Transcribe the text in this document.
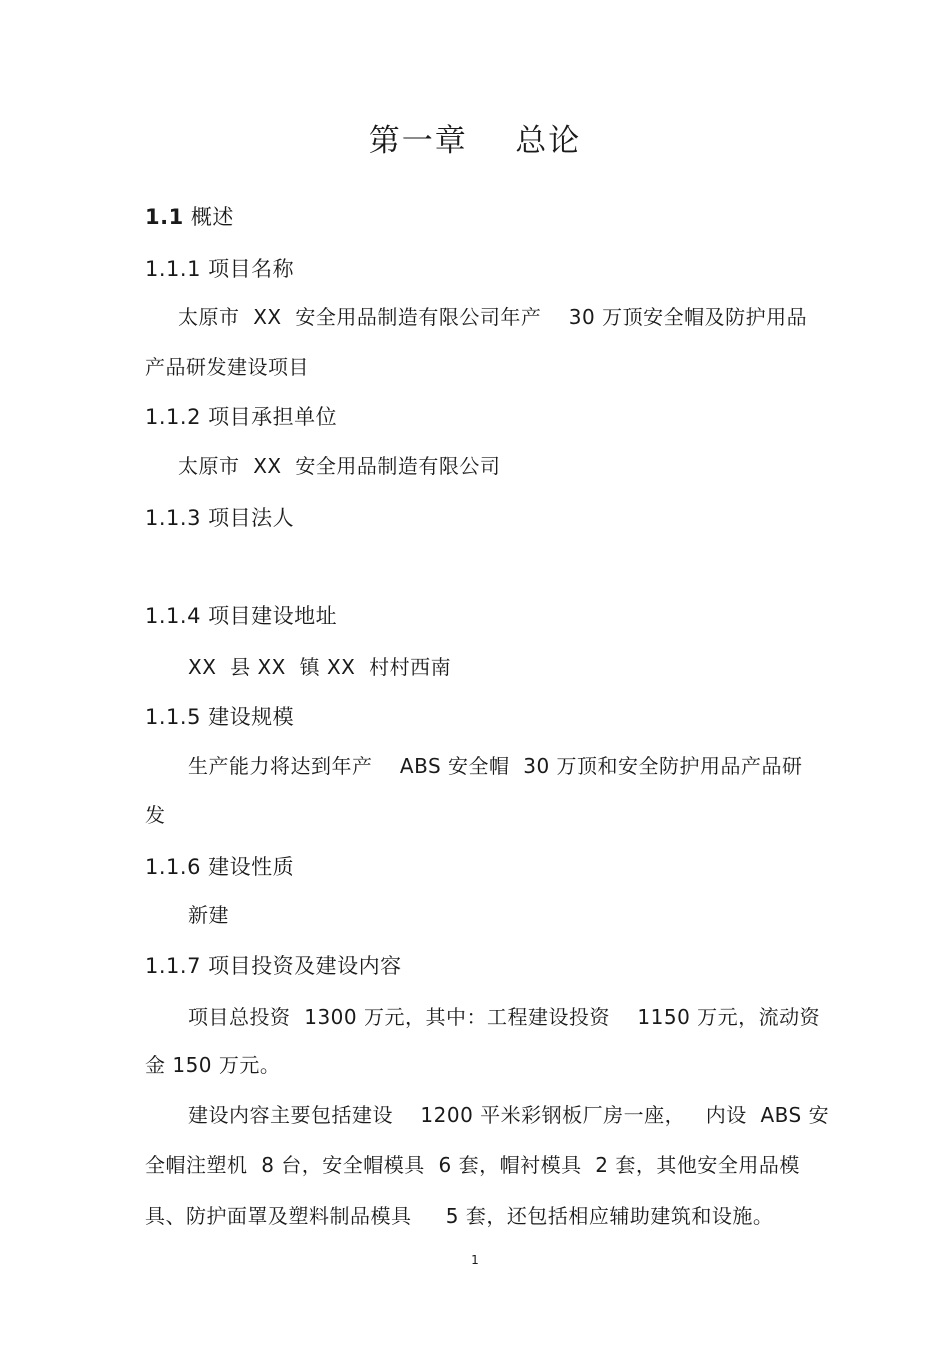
第一章    总论
1.1 概述
1.1.1 项目名称
太原市  XX  安全用品制造有限公司年产    30 万顶安全帽及防护用品
产品研发建设项目
1.1.2 项目承担单位
太原市  XX  安全用品制造有限公司
1.1.3 项目法人
1.1.4 项目建设地址
XX  县 XX  镇 XX  村村西南
1.1.5 建设规模
生产能力将达到年产    ABS 安全帽  30 万顶和安全防护用品产品研
发
1.1.6 建设性质
新建
1.1.7 项目投资及建设内容
项目总投资  1300 万元，其中：工程建设投资    1150 万元，流动资
金 150 万元。
建设内容主要包括建设    1200 平米彩钢板厂房一座，   内设  ABS 安
全帽注塑机  8 台，安全帽模具  6 套，帽衬模具  2 套，其他安全用品模
具、防护面罩及塑料制品模具     5 套，还包括相应辅助建筑和设施。
1
